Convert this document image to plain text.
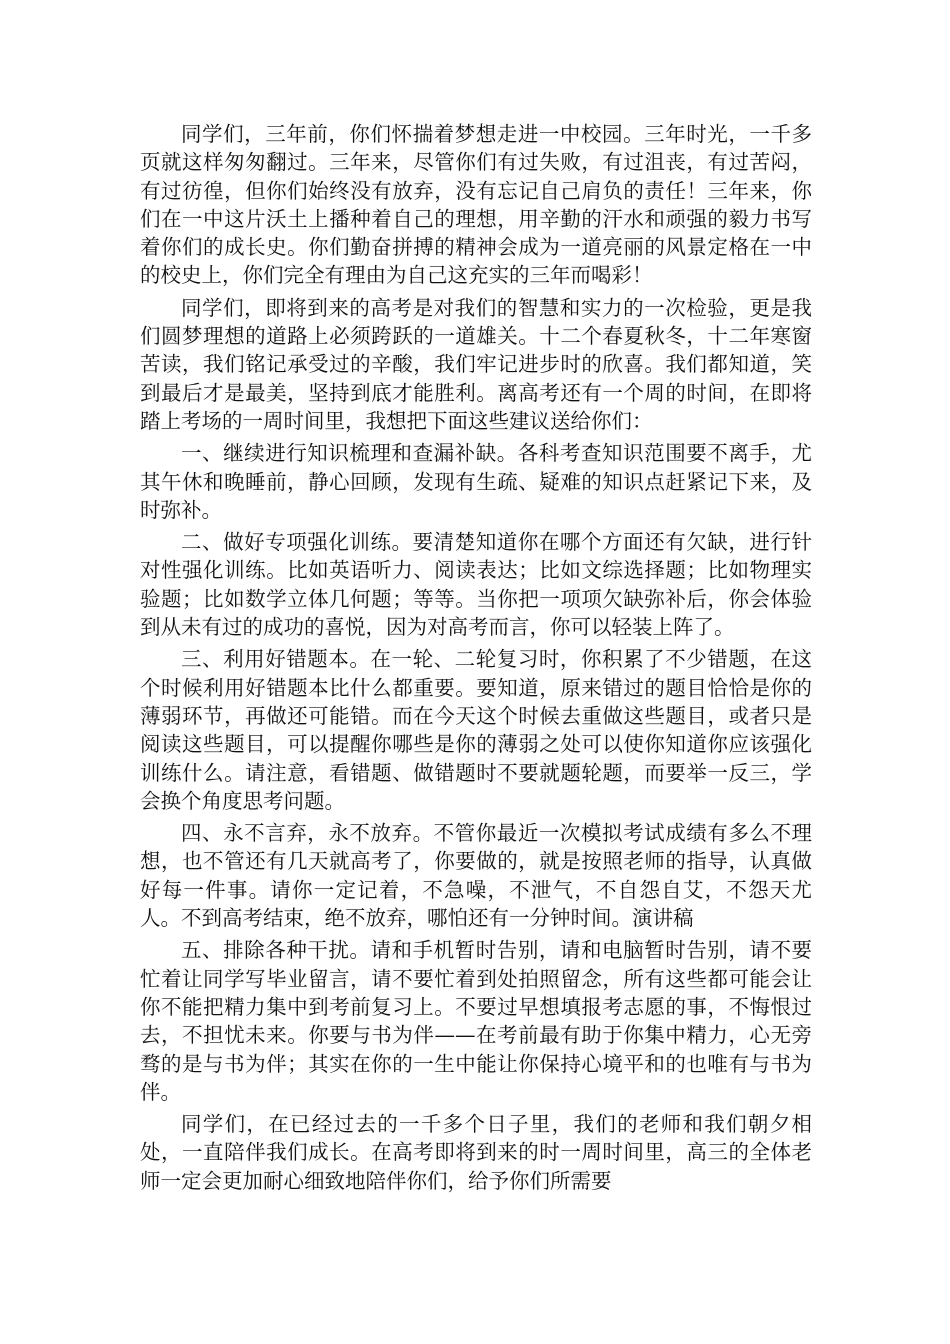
同学们，三年前，你们怀揣着梦想走进一中校园。三年时光，一千多页就这样匆匆翻过。三年来，尽管你们有过失败，有过沮丧，有过苦闷，有过彷徨，但你们始终没有放弃，没有忘记自己肩负的责任！三年来，你们在一中这片沃土上播种着自己的理想，用辛勤的汗水和顽强的毅力书写着你们的成长史。你们勤奋拼搏的精神会成为一道亮丽的风景定格在一中的校史上，你们完全有理由为自己这充实的三年而喝彩！

同学们，即将到来的高考是对我们的智慧和实力的一次检验，更是我们圆梦理想的道路上必须跨跃的一道雄关。十二个春夏秋冬，十二年寒窗苦读，我们铭记承受过的辛酸，我们牢记进步时的欣喜。我们都知道，笑到最后才是最美，坚持到底才能胜利。离高考还有一个周的时间，在即将踏上考场的一周时间里，我想把下面这些建议送给你们：

一、继续进行知识梳理和查漏补缺。各科考查知识范围要不离手，尤其午休和晚睡前，静心回顾，发现有生疏、疑难的知识点赶紧记下来，及时弥补。

二、做好专项强化训练。要清楚知道你在哪个方面还有欠缺，进行针对性强化训练。比如英语听力、阅读表达；比如文综选择题；比如物理实验题；比如数学立体几何题；等等。当你把一项项欠缺弥补后，你会体验到从未有过的成功的喜悦，因为对高考而言，你可以轻装上阵了。

三、利用好错题本。在一轮、二轮复习时，你积累了不少错题，在这个时候利用好错题本比什么都重要。要知道，原来错过的题目恰恰是你的薄弱环节，再做还可能错。而在今天这个时候去重做这些题目，或者只是阅读这些题目，可以提醒你哪些是你的薄弱之处可以使你知道你应该强化训练什么。请注意，看错题、做错题时不要就题轮题，而要举一反三，学会换个角度思考问题。

四、永不言弃，永不放弃。不管你最近一次模拟考试成绩有多么不理想，也不管还有几天就高考了，你要做的，就是按照老师的指导，认真做好每一件事。请你一定记着，不急噪，不泄气，不自怨自艾，不怨天尤人。不到高考结束，绝不放弃，哪怕还有一分钟时间。演讲稿

五、排除各种干扰。请和手机暂时告别，请和电脑暂时告别，请不要忙着让同学写毕业留言，请不要忙着到处拍照留念，所有这些都可能会让你不能把精力集中到考前复习上。不要过早想填报考志愿的事，不悔恨过去，不担忧未来。你要与书为伴——在考前最有助于你集中精力，心无旁骛的是与书为伴；其实在你的一生中能让你保持心境平和的也唯有与书为伴。

同学们，在已经过去的一千多个日子里，我们的老师和我们朝夕相处，一直陪伴我们成长。在高考即将到来的时一周时间里，高三的全体老师一定会更加耐心细致地陪伴你们，给予你们所需要
